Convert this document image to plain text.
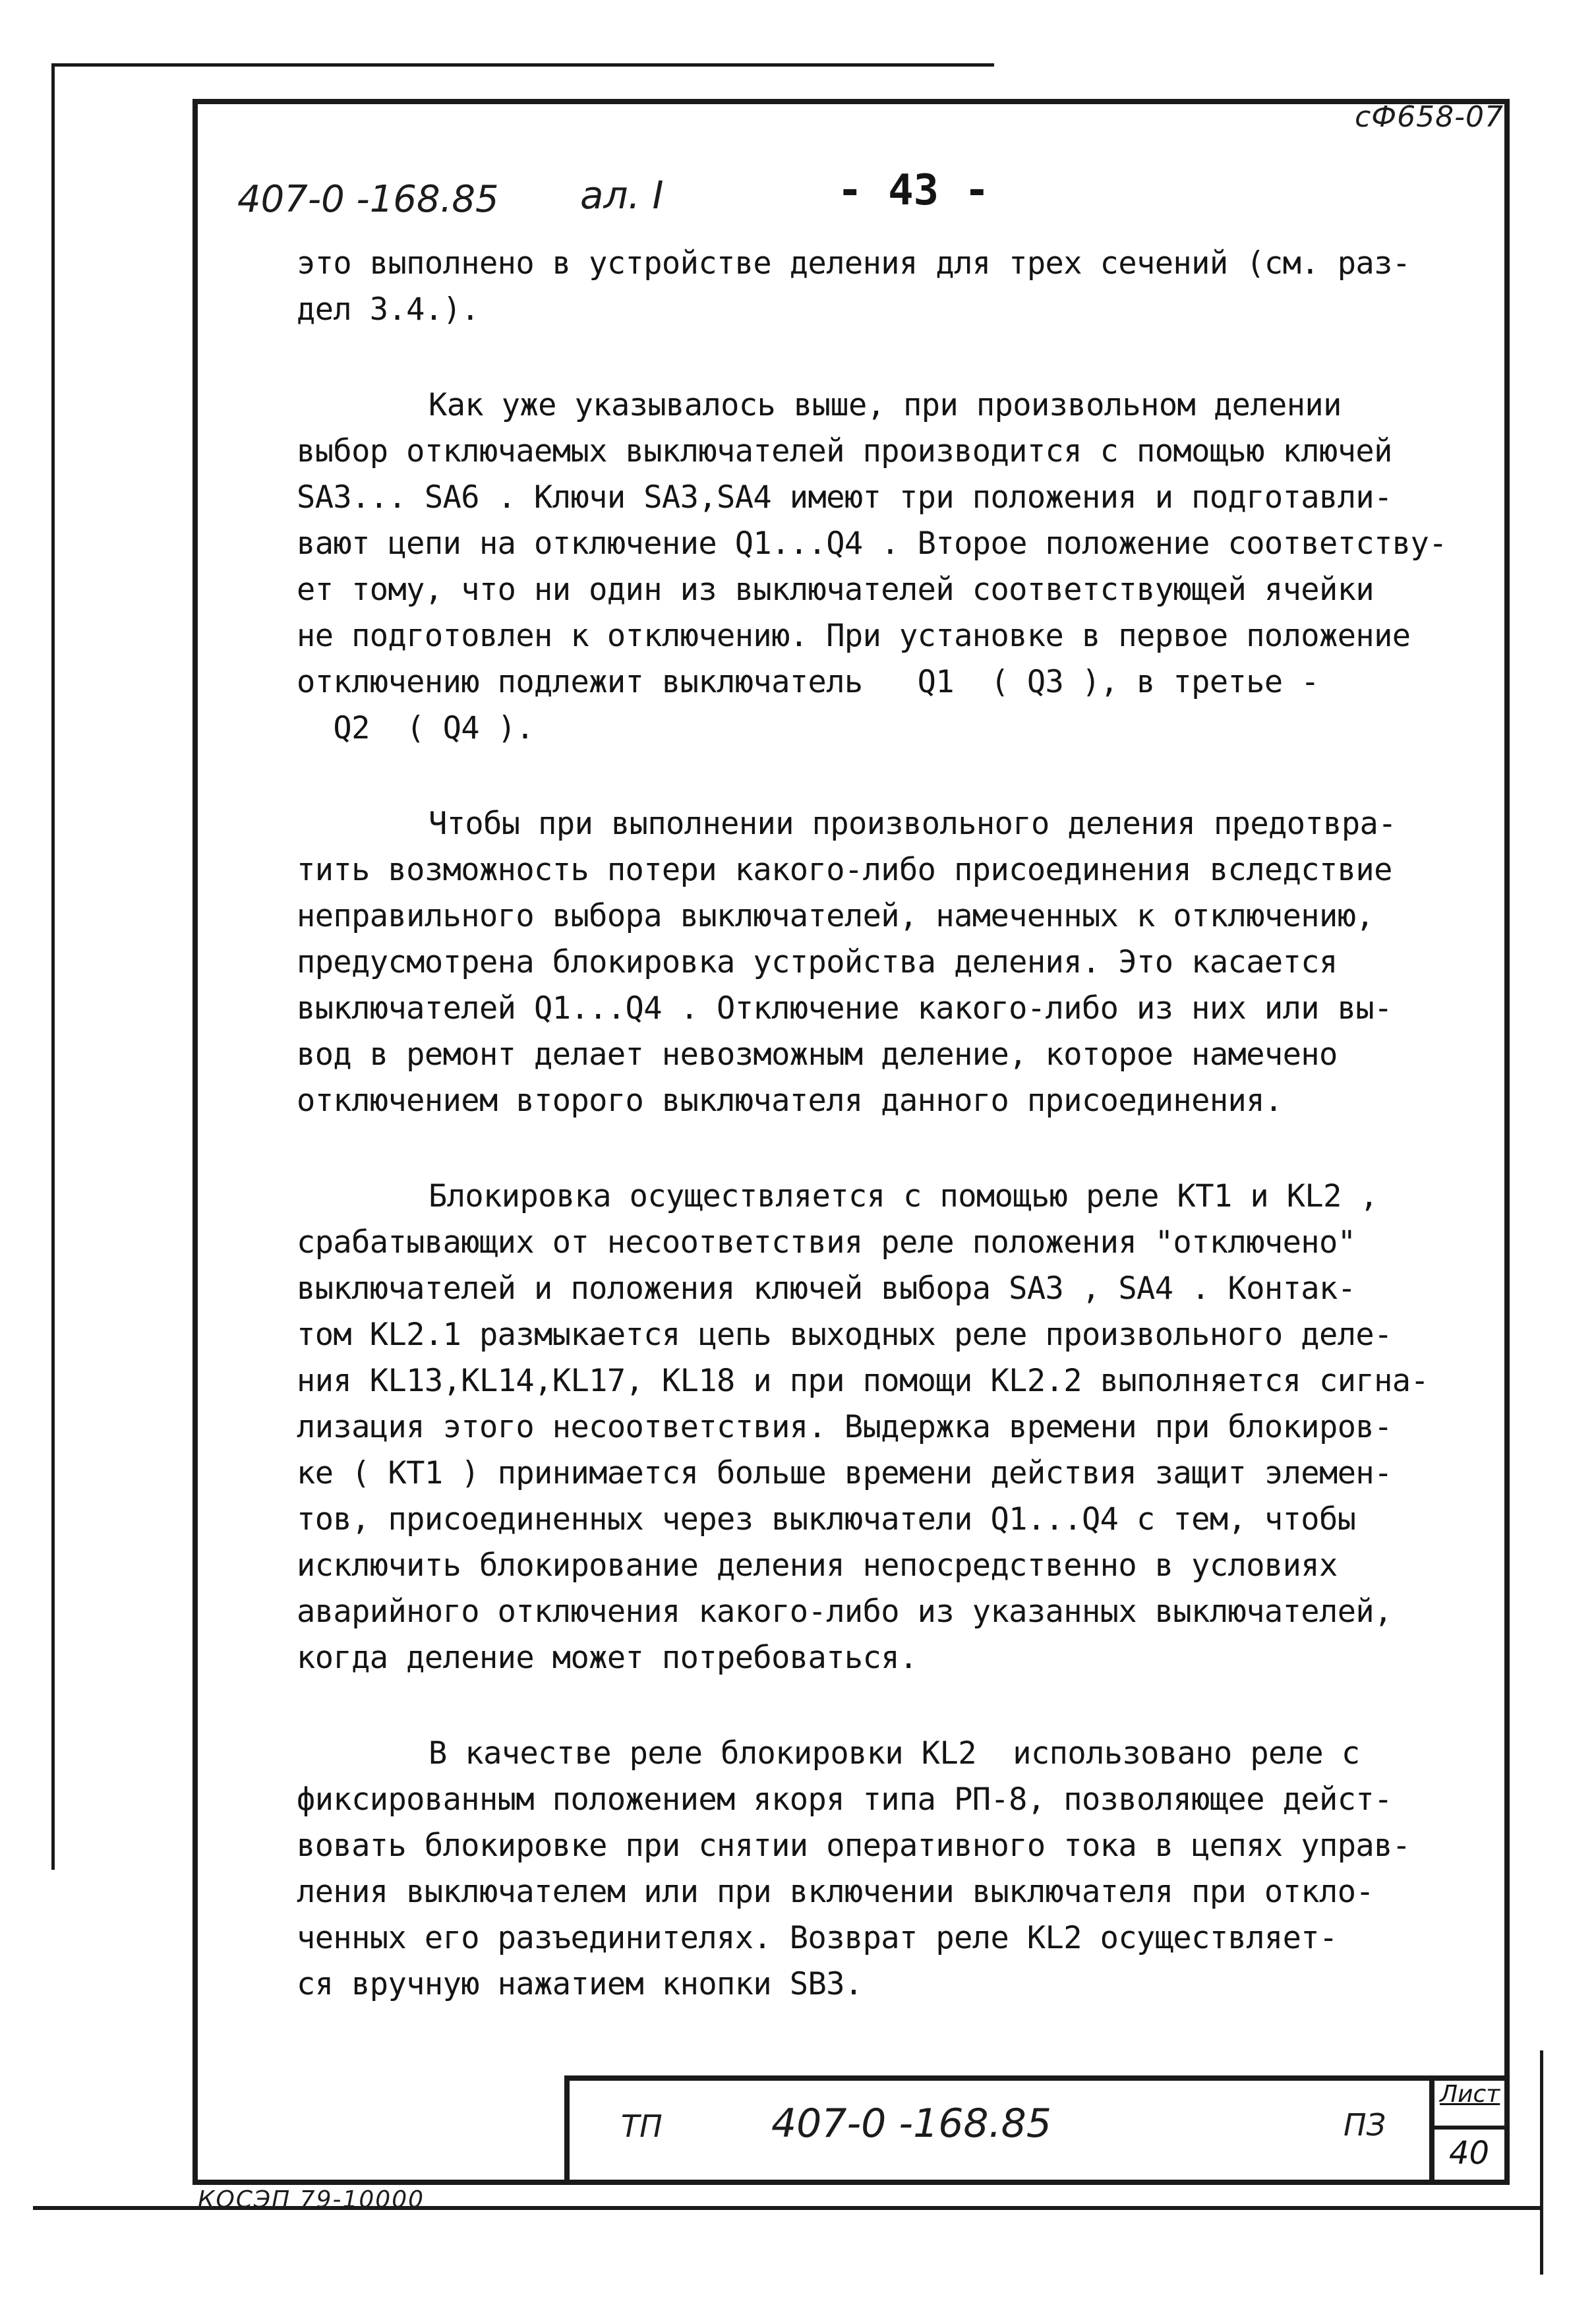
сФ658-07
407-0 -168.85 ал. I	- 43 -
это выполнено в устройстве деления для трех сечений (см. раз-
дел 3.4.).
Как уже указывалось выше, при произвольном делении
выбор отключаемых выключателей производится с помощью ключей
SA3... SA6 . Ключи SA3,SA4 имеют три положения и подготавли-
вают цепи на отключение Q1...Q4 . Второе положение соответству-
ет тому, что ни один из выключателей соответствующей ячейки
не подготовлен к отключению. При установке в первое положение
отключению подлежит выключатель   Q1  ( Q3 ), в третье -
Q2  ( Q4 ).
Чтобы при выполнении произвольного деления предотвра-
тить возможность потери какого-либо присоединения вследствие
неправильного выбора выключателей, намеченных к отключению,
предусмотрена блокировка устройства деления. Это касается
выключателей Q1...Q4 . Отключение какого-либо из них или вы-
вод в ремонт делает невозможным деление, которое намечено
отключением второго выключателя данного присоединения.
Блокировка осуществляется с помощью реле KT1 и KL2 ,
срабатывающих от несоответствия реле положения "отключено"
выключателей и положения ключей выбора SA3 , SA4 . Контак-
том KL2.1 размыкается цепь выходных реле произвольного деле-
ния KL13,KL14,KL17, KL18 и при помощи KL2.2 выполняется сигна-
лизация этого несоответствия. Выдержка времени при блокиров-
ке ( KT1 ) принимается больше времени действия защит элемен-
тов, присоединенных через выключатели Q1...Q4 с тем, чтобы
исключить блокирование деления непосредственно в условиях
аварийного отключения какого-либо из указанных выключателей,
когда деление может потребоваться.
В качестве реле блокировки KL2  использовано реле с
фиксированным положением якоря типа РП-8, позволяющее дейст-
вовать блокировке при снятии оперативного тока в цепях управ-
ления выключателем или при включении выключателя при откло-
ченных его разъединителях. Возврат реле KL2 осуществляет-
ся вручную нажатием кнопки SB3.
ТП	407-0 -168.85	ПЗ
Лист
40
КОСЭП 79-10000
